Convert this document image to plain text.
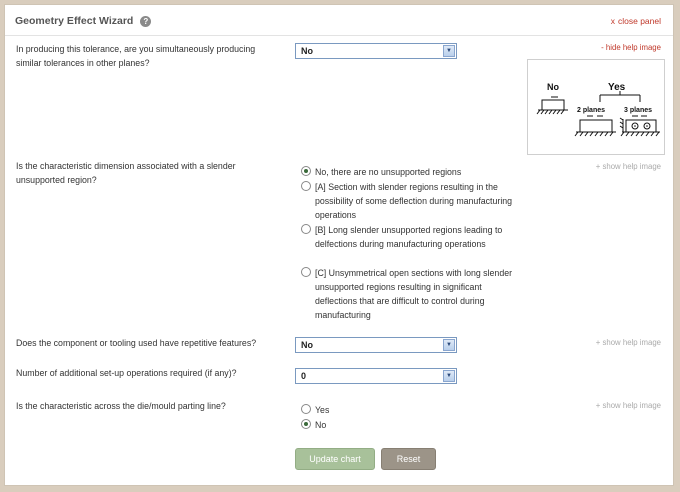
Geometry Effect Wizard ?	x close panel
In producing this tolerance, are you simultaneously producing
similar tolerances in other planes?
No	▼	- hide help image
No	Yes
2 planes	3 planes
Is the characteristic dimension associated with a slender
unsupported region?
+ show help image
No, there are no unsupported regions
[A] Section with slender regions resulting in the possibility of some deflection during manufacturing operations
[B] Long slender unsupported regions leading to delfections during manufacturing operations
[C] Unsymmetrical open sections with long slender unsupported regions resulting in significant deflections that are difficult to control during manufacturing
Does the component or tooling used have repetitive features?	No	▼	+ show help image
Number of additional set-up operations required (if any)?	0	▼
Is the characteristic across the die/mould parting line?	+ show help image
Yes
No
Update chart	Reset
